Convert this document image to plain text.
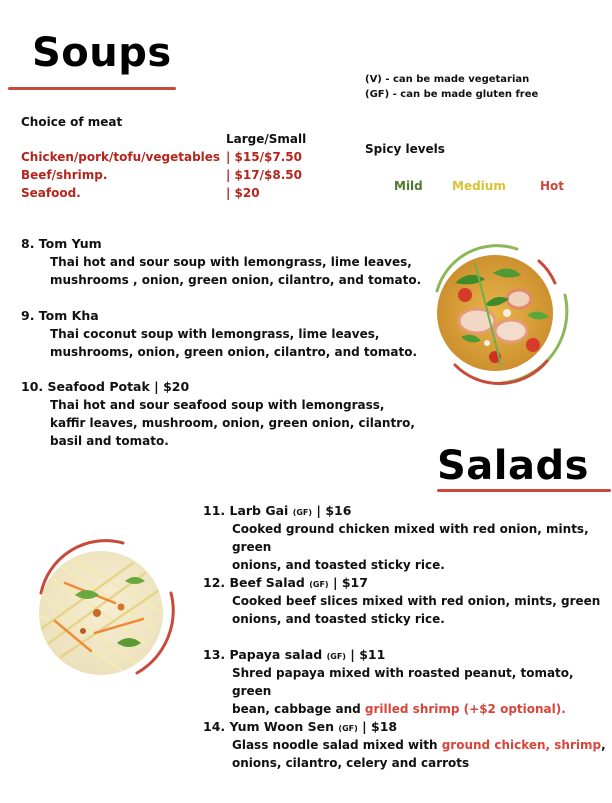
Soups
(V) - can be made vegetarian
(GF) - can be made gluten free
Choice of meat
Large/Small
Chicken/pork/tofu/vegetables | $15/$7.50
Beef/shrimp.	| $17/$8.50
Seafood.	| $20
Spicy levels
Mild Medium	Hot
8. Tom Yum
Thai hot and sour soup with lemongrass, lime leaves,
mushrooms , onion, green onion, cilantro, and tomato.
9. Tom Kha
Thai coconut soup with lemongrass, lime leaves,
mushrooms, onion, green onion, cilantro, and tomato.
10. Seafood Potak | $20
Thai hot and sour seafood soup with lemongrass,
kaffir leaves, mushroom, onion, green onion, cilantro,
basil and tomato.
Salads
11. Larb Gai (GF) | $16
Cooked ground chicken mixed with red onion, mints, green
onions, and toasted sticky rice.
12. Beef Salad (GF) | $17
Cooked beef slices mixed with red onion, mints, green
onions, and toasted sticky rice.
13. Papaya salad (GF) | $11
Shred papaya mixed with roasted peanut, tomato, green
bean, cabbage and grilled shrimp (+$2 optional).
14. Yum Woon Sen (GF) | $18
Glass noodle salad mixed with ground chicken, shrimp,
onions, cilantro, celery and carrots
